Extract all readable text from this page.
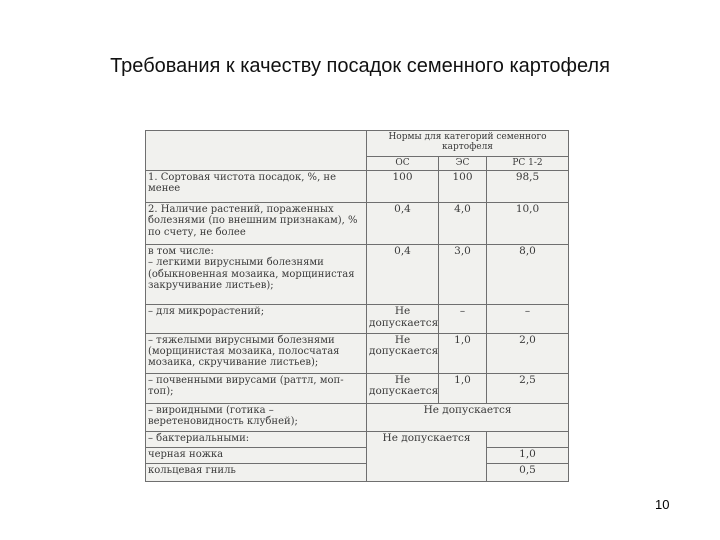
Требования к качеству посадок семенного картофеля
	Нормы для категорий семенного картофеля		
	ОС	ЭС	РС 1-2
1. Сортовая чистота посадок, %, не менее	100	100	98,5
2. Наличие растений, пораженных болезнями (по внешним признакам), % по счету, не более	0,4	4,0	10,0

в том числе:
– легкими вирусными болезнями (обыкновенная мозаика, морщинистая закручивание листьев);	0,4	3,0	8,0
– для микрорастений;	Не допускается	–	–
– тяжелыми вирусными болезнями (морщинистая мозаика, полосчатая мозаика, скручивание листьев);	Не допускается	1,0	2,0
– почвенными вирусами (раттл, моп-топ);	Не допускается	1,0	2,5
– вироидными (готика – веретеновидность клубней);	Не допускается		
– бактериальными:	Не допускается		
черная ножка			1,0
кольцевая гниль			0,5
10
